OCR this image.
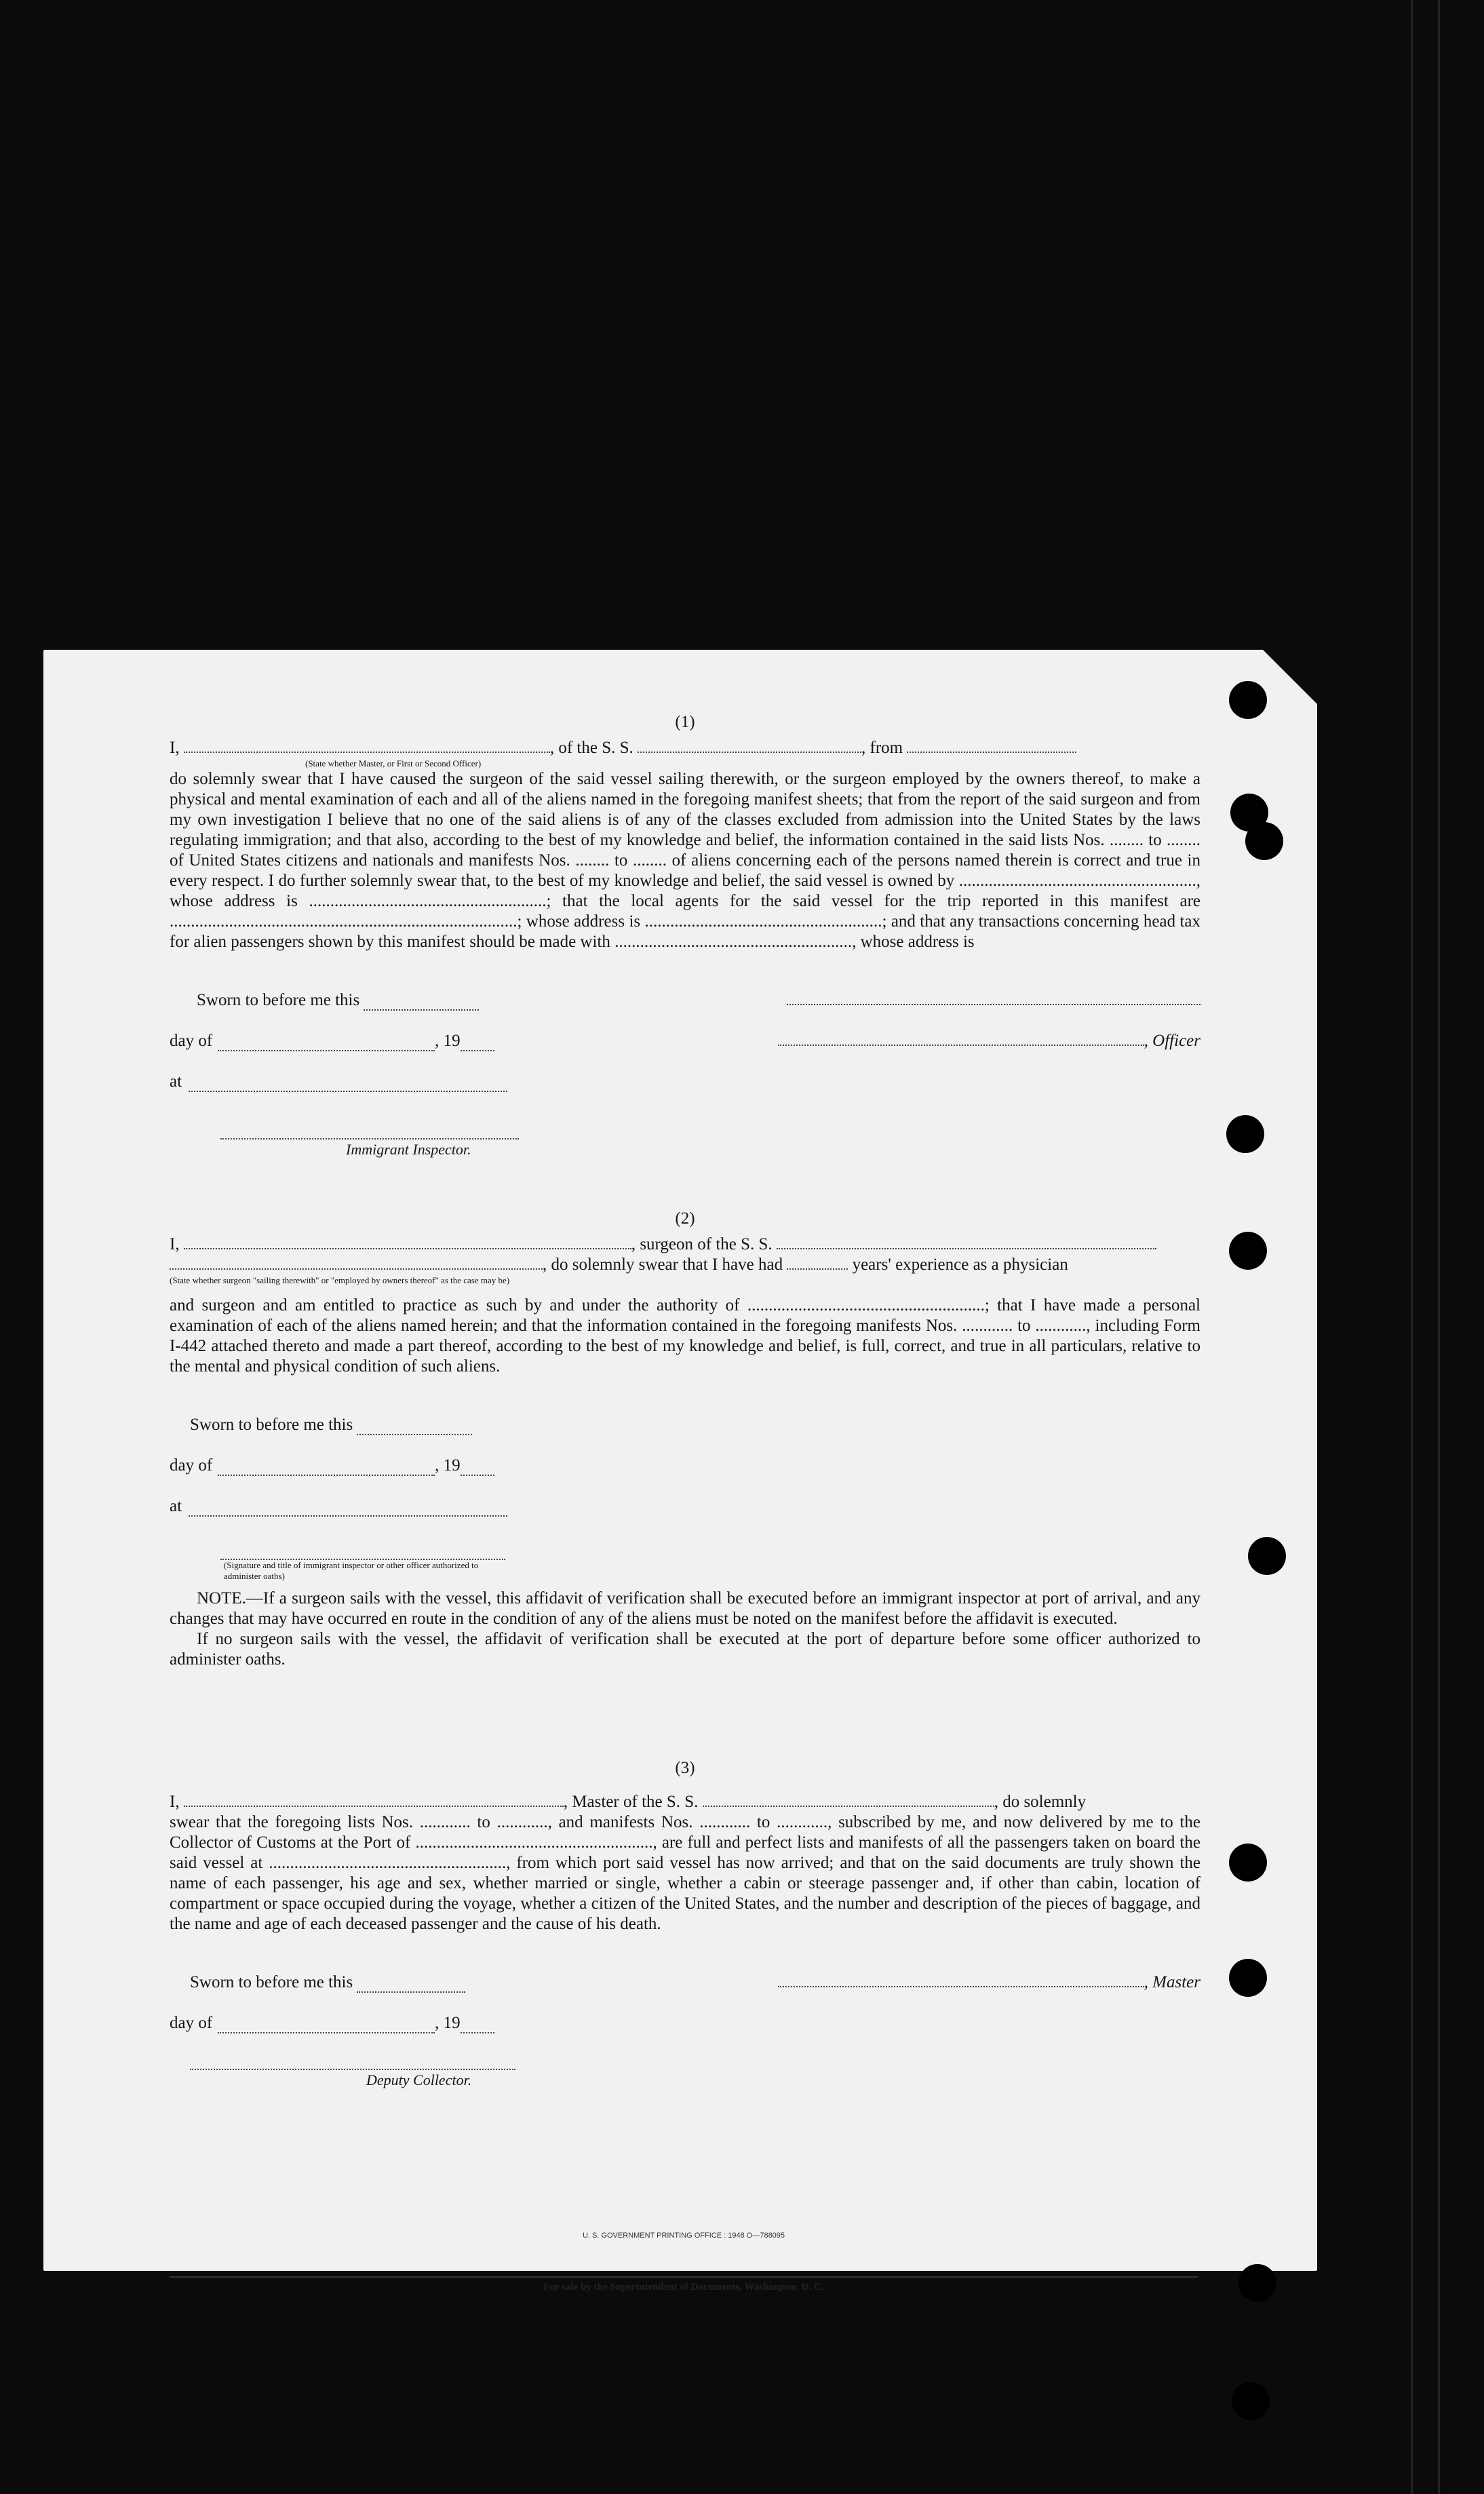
(1)
I,	, of the S. S.	, from
(State whether Master, or First or Second Officer)

do solemnly swear that I have caused the surgeon of the said vessel sailing therewith, or the surgeon employed by the owners thereof, to make a physical and mental examination of each and all of the aliens named in the foregoing manifest sheets; that from the report of the said surgeon and from my own investigation I believe that no one of the said aliens is of any of the classes excluded from admission into the United States by the laws regulating immigration; and that also, according to the best of my knowledge and belief, the information contained in the said lists Nos. ........ to ........ of United States citizens and nationals and manifests Nos. ........ to ........ of aliens concerning each of the persons named therein is correct and true in every respect. I do further solemnly swear that, to the best of my knowledge and belief, the said vessel is owned by ........................................................, whose address is ........................................................; that the local agents for the said vessel for the trip reported in this manifest are ..................................................................................; whose address is ........................................................; and that any transactions concerning head tax for alien passengers shown by this manifest should be made with ........................................................, whose address is

Sworn to before me this
day of	, 19	, Officer
at
Immigrant Inspector.
(2)
I,	, surgeon of the S. S.
, do solemnly swear that I have had	years' experience as a physician
(State whether surgeon "sailing therewith" or "employed by owners thereof" as the case may be)

and surgeon and am entitled to practice as such by and under the authority of ........................................................; that I have made a personal examination of each of the aliens named herein; and that the information contained in the foregoing manifests Nos. ............ to ............, including Form I-442 attached thereto and made a part thereof, according to the best of my knowledge and belief, is full, correct, and true in all particulars, relative to the mental and physical condition of such aliens.

Sworn to before me this
day of	, 19
at
(Signature and title of immigrant inspector or other officer authorized to administer oaths)

NOTE.—If a surgeon sails with the vessel, this affidavit of verification shall be executed before an immigrant inspector at port of arrival, and any changes that may have occurred en route in the condition of any of the aliens must be noted on the manifest before the affidavit is executed.

If no surgeon sails with the vessel, the affidavit of verification shall be executed at the port of departure before some officer authorized to administer oaths.

(3)
I,	, Master of the S. S.	, do solemnly

swear that the foregoing lists Nos. ............ to ............, and manifests Nos. ............ to ............, subscribed by me, and now delivered by me to the Collector of Customs at the Port of ........................................................, are full and perfect lists and manifests of all the passengers taken on board the said vessel at ........................................................, from which port said vessel has now arrived; and that on the said documents are truly shown the name of each passenger, his age and sex, whether married or single, whether a cabin or steerage passenger and, if other than cabin, location of compartment or space occupied during the voyage, whether a citizen of the United States, and the number and description of the pieces of baggage, and the name and age of each deceased passenger and the cause of his death.

Sworn to before me this	, Master
day of	, 19
Deputy Collector.
U. S. GOVERNMENT PRINTING OFFICE : 1948 O—788095
For sale by the Superintendent of Documents, Washington, D. C.
